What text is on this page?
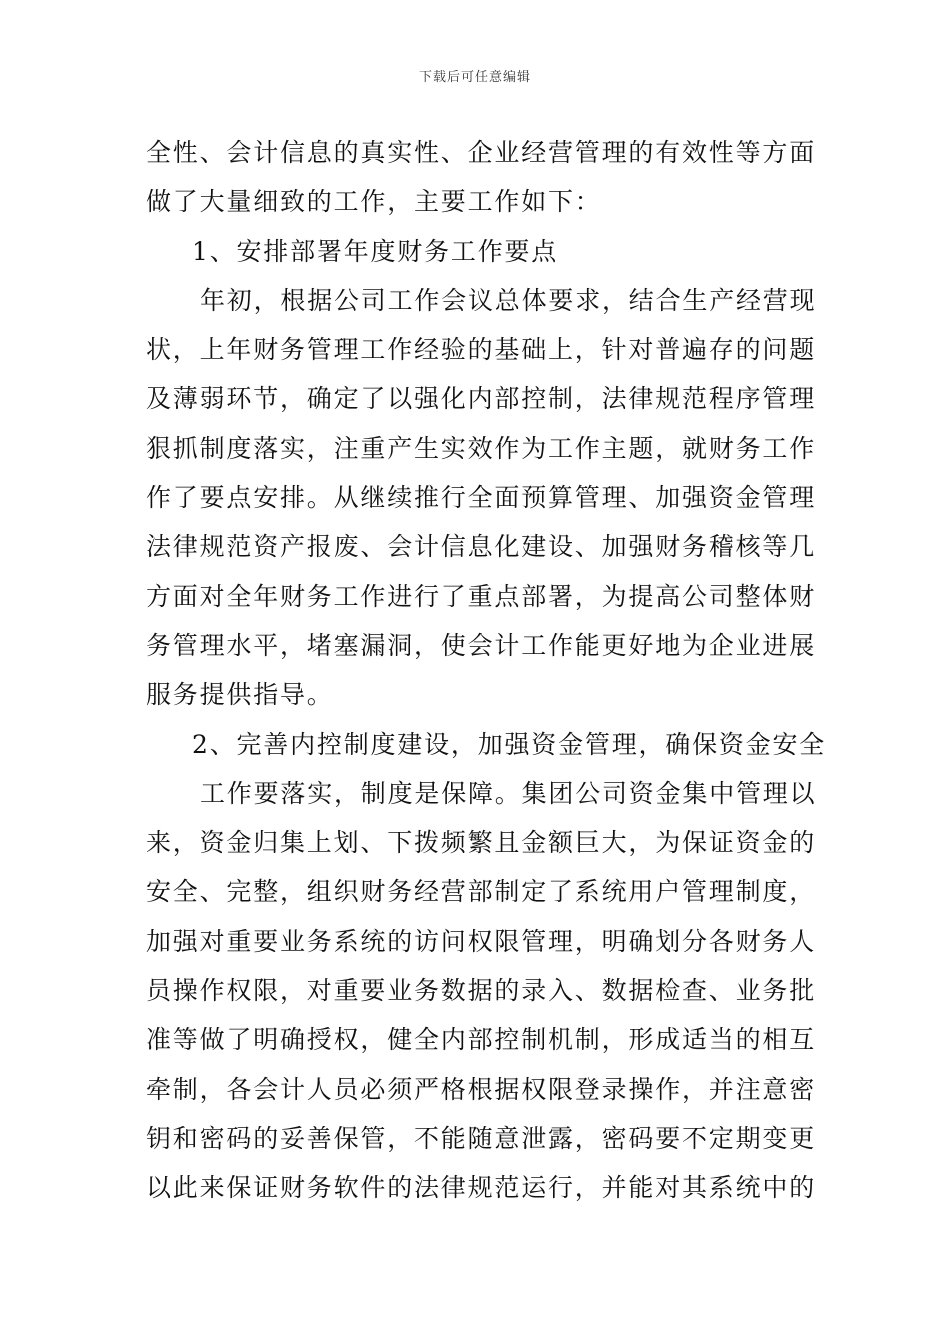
下载后可任意编辑
全性、会计信息的真实性、企业经营管理的有效性等方面
做了大量细致的工作，主要工作如下：
1、安排部署年度财务工作要点
年初，根据公司工作会议总体要求，结合生产经营现
状，上年财务管理工作经验的基础上，针对普遍存的问题
及薄弱环节，确定了以强化内部控制，法律规范程序管理
狠抓制度落实，注重产生实效作为工作主题，就财务工作
作了要点安排。从继续推行全面预算管理、加强资金管理
法律规范资产报废、会计信息化建设、加强财务稽核等几
方面对全年财务工作进行了重点部署，为提高公司整体财
务管理水平，堵塞漏洞，使会计工作能更好地为企业进展
服务提供指导。
2、完善内控制度建设，加强资金管理，确保资金安全
工作要落实，制度是保障。集团公司资金集中管理以
来，资金归集上划、下拨频繁且金额巨大，为保证资金的
安全、完整，组织财务经营部制定了系统用户管理制度，
加强对重要业务系统的访问权限管理，明确划分各财务人
员操作权限，对重要业务数据的录入、数据检查、业务批
准等做了明确授权，健全内部控制机制，形成适当的相互
牵制，各会计人员必须严格根据权限登录操作，并注意密
钥和密码的妥善保管，不能随意泄露，密码要不定期变更
以此来保证财务软件的法律规范运行，并能对其系统中的
